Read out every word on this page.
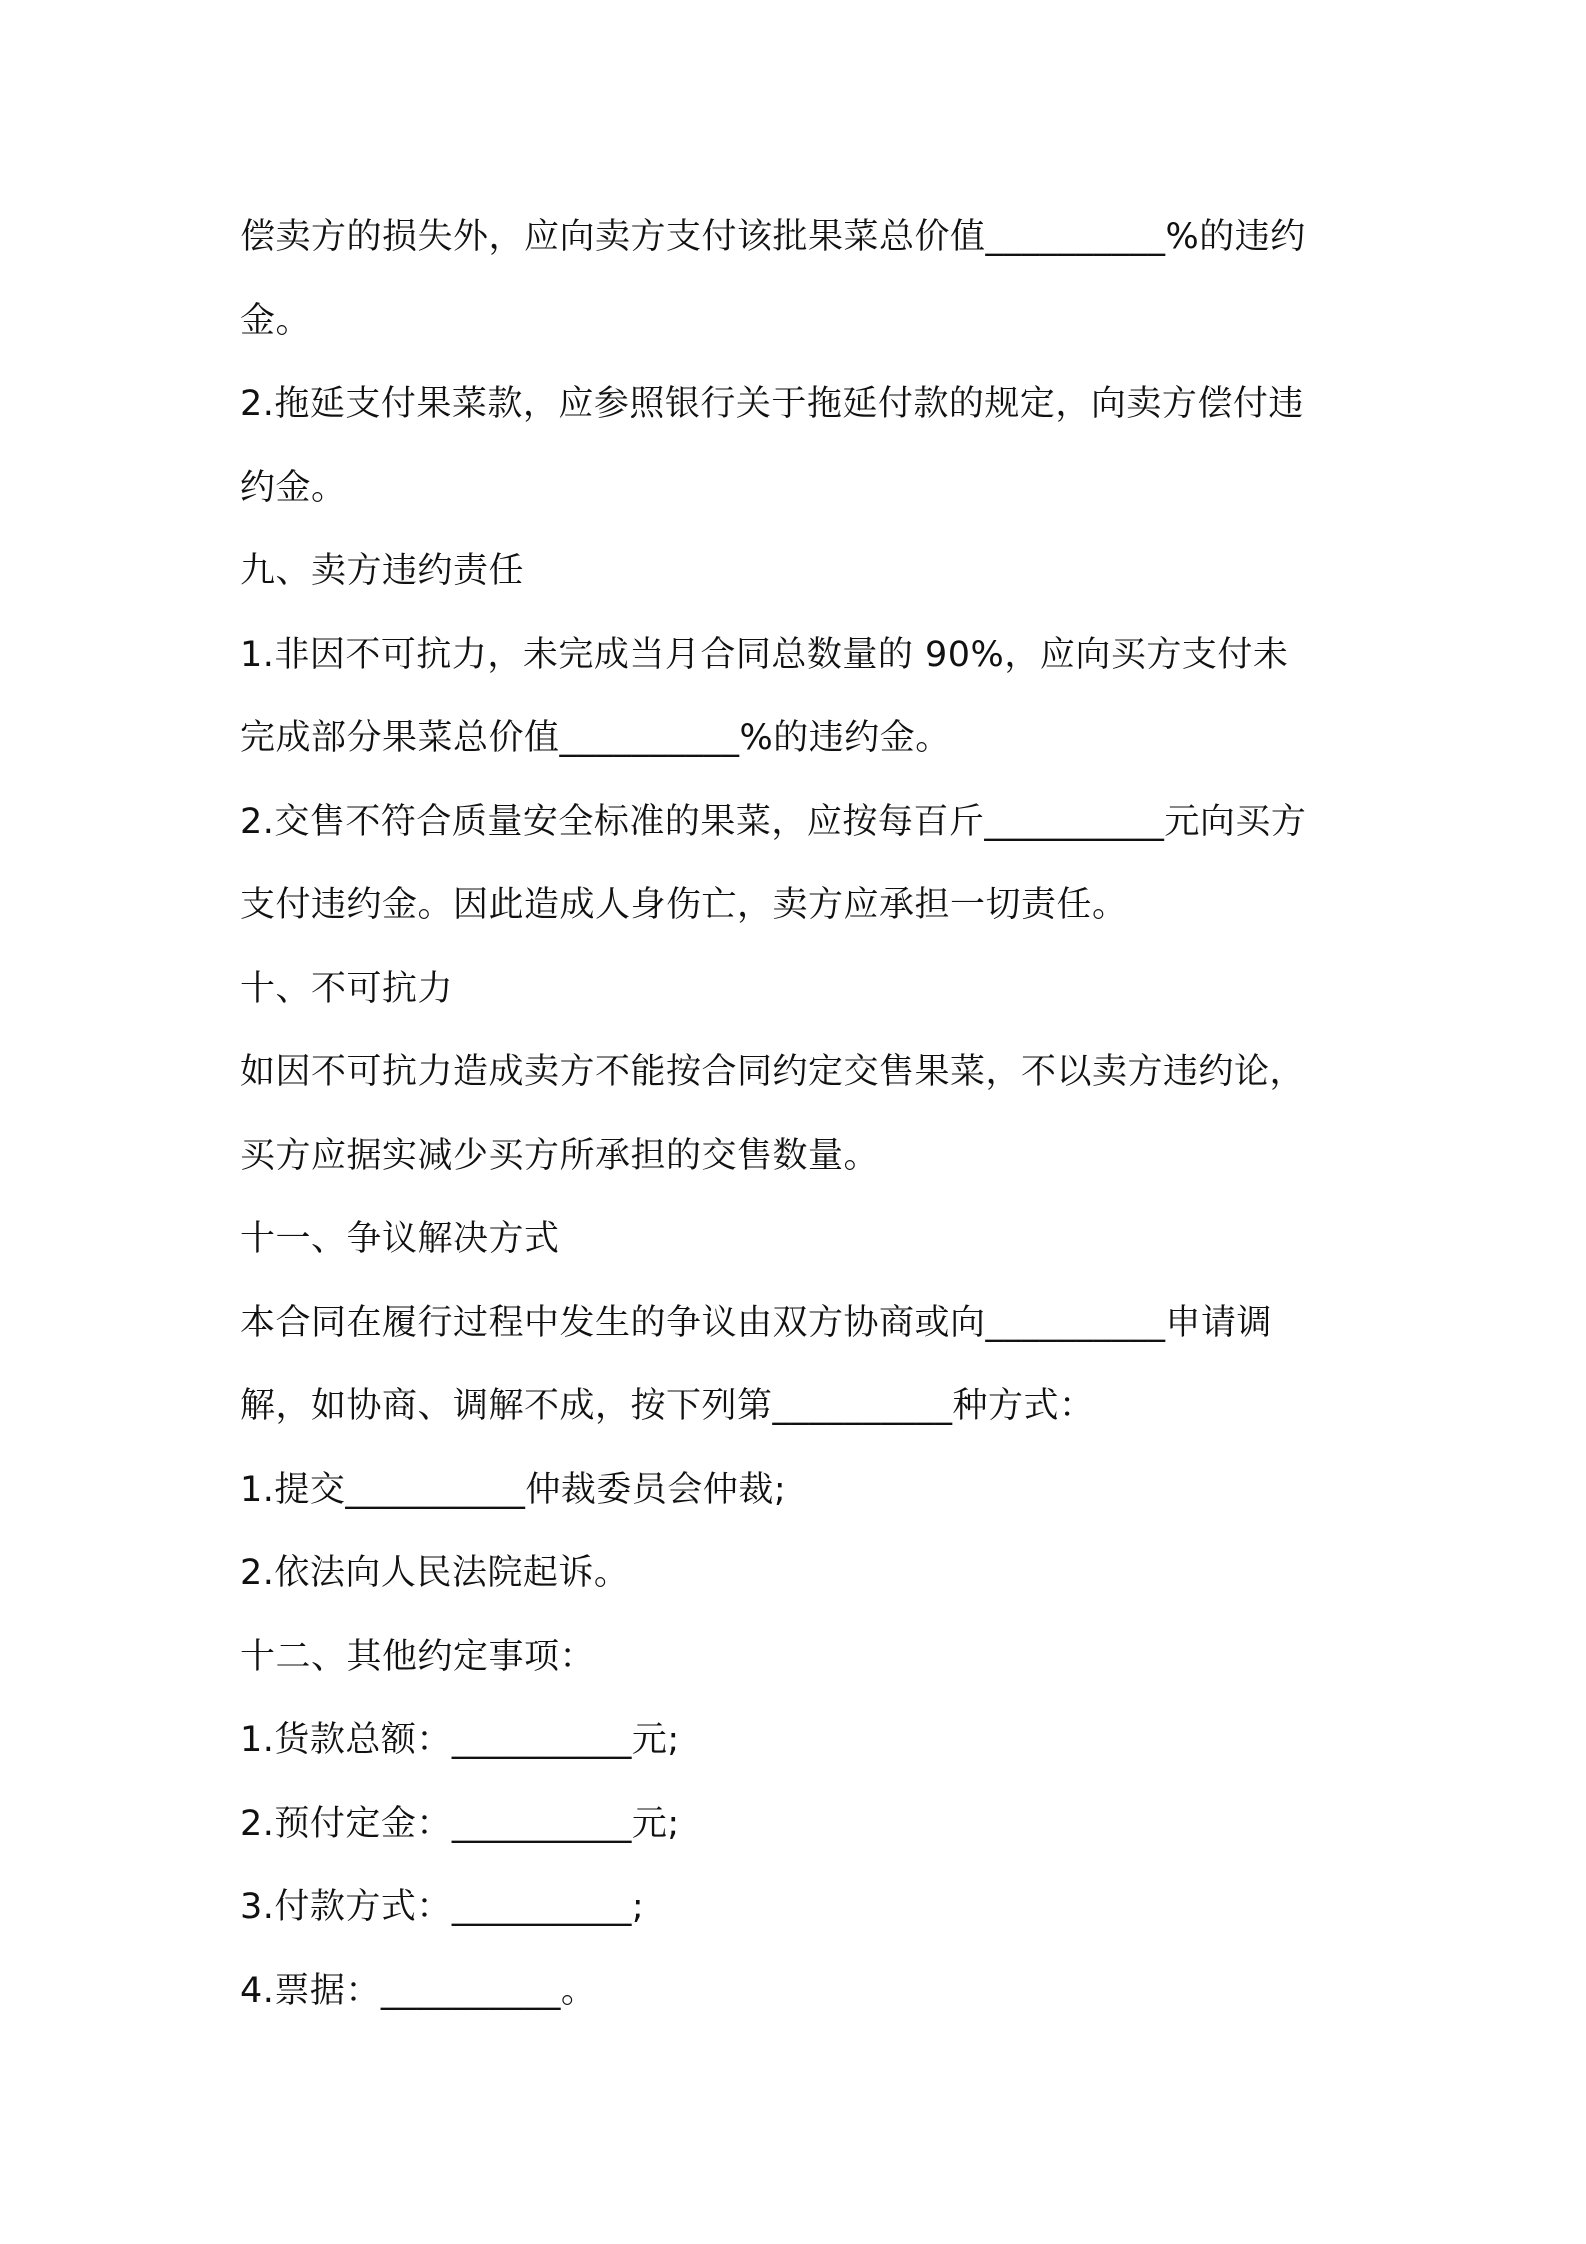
偿卖方的损失外，应向卖方支付该批果菜总价值__________%的违约
金。
2.拖延支付果菜款，应参照银行关于拖延付款的规定，向卖方偿付违
约金。
九、卖方违约责任
1.非因不可抗力，未完成当月合同总数量的 90%，应向买方支付未
完成部分果菜总价值__________%的违约金。
2.交售不符合质量安全标准的果菜，应按每百斤__________元向买方
支付违约金。因此造成人身伤亡，卖方应承担一切责任。
十、不可抗力
如因不可抗力造成卖方不能按合同约定交售果菜，不以卖方违约论，
买方应据实减少买方所承担的交售数量。
十一、争议解决方式
本合同在履行过程中发生的争议由双方协商或向__________申请调
解，如协商、调解不成，按下列第__________种方式：
1.提交__________仲裁委员会仲裁;
2.依法向人民法院起诉。
十二、其他约定事项：
1.货款总额：__________元;
2.预付定金：__________元;
3.付款方式：__________;
4.票据：__________。
